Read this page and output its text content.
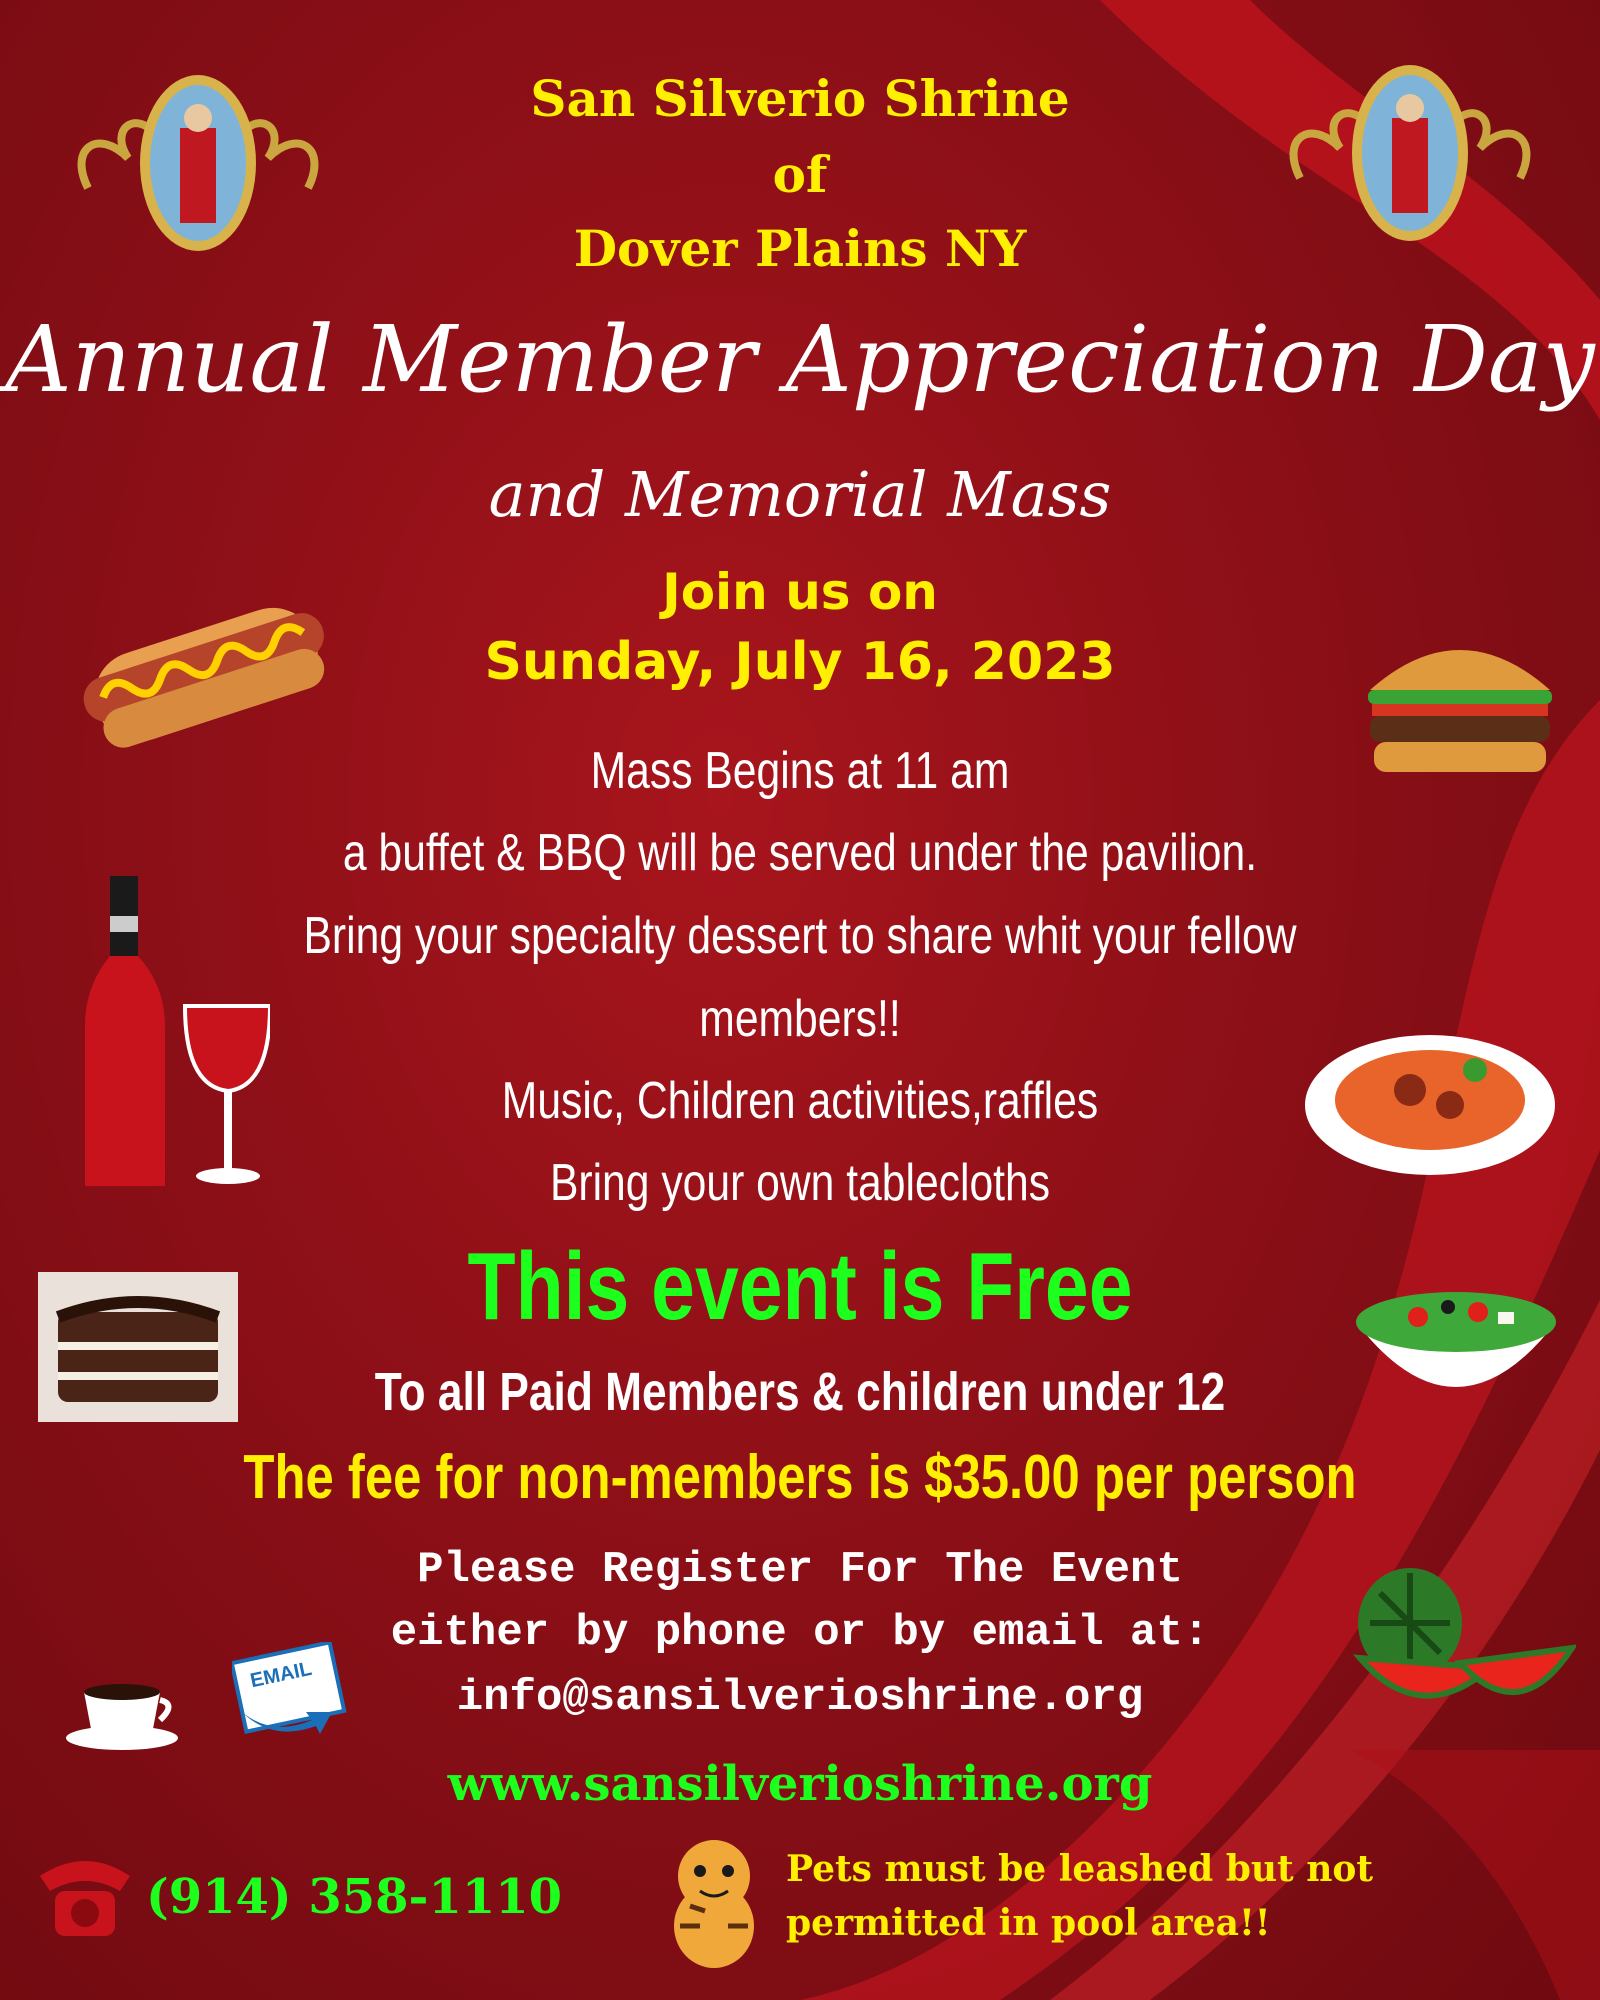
San Silverio Shrine
of
Dover Plains NY
Annual Member Appreciation Day
and Memorial Mass
Join us on
Sunday, July 16, 2023
Mass Begins at 11 am
a buffet & BBQ will be served under the pavilion.
Bring your specialty dessert to share whit your fellow
members!!
Music, Children activities,raffles
Bring your own tablecloths
This event is Free
To all Paid Members & children under 12
The fee for non-members is $35.00 per person
Please Register For The Event
either by phone or by email at:
info@sansilverioshrine.org
www.sansilverioshrine.org
(914) 358-1110	Pets must be leashed but not
permitted in pool area!!
EMAIL
